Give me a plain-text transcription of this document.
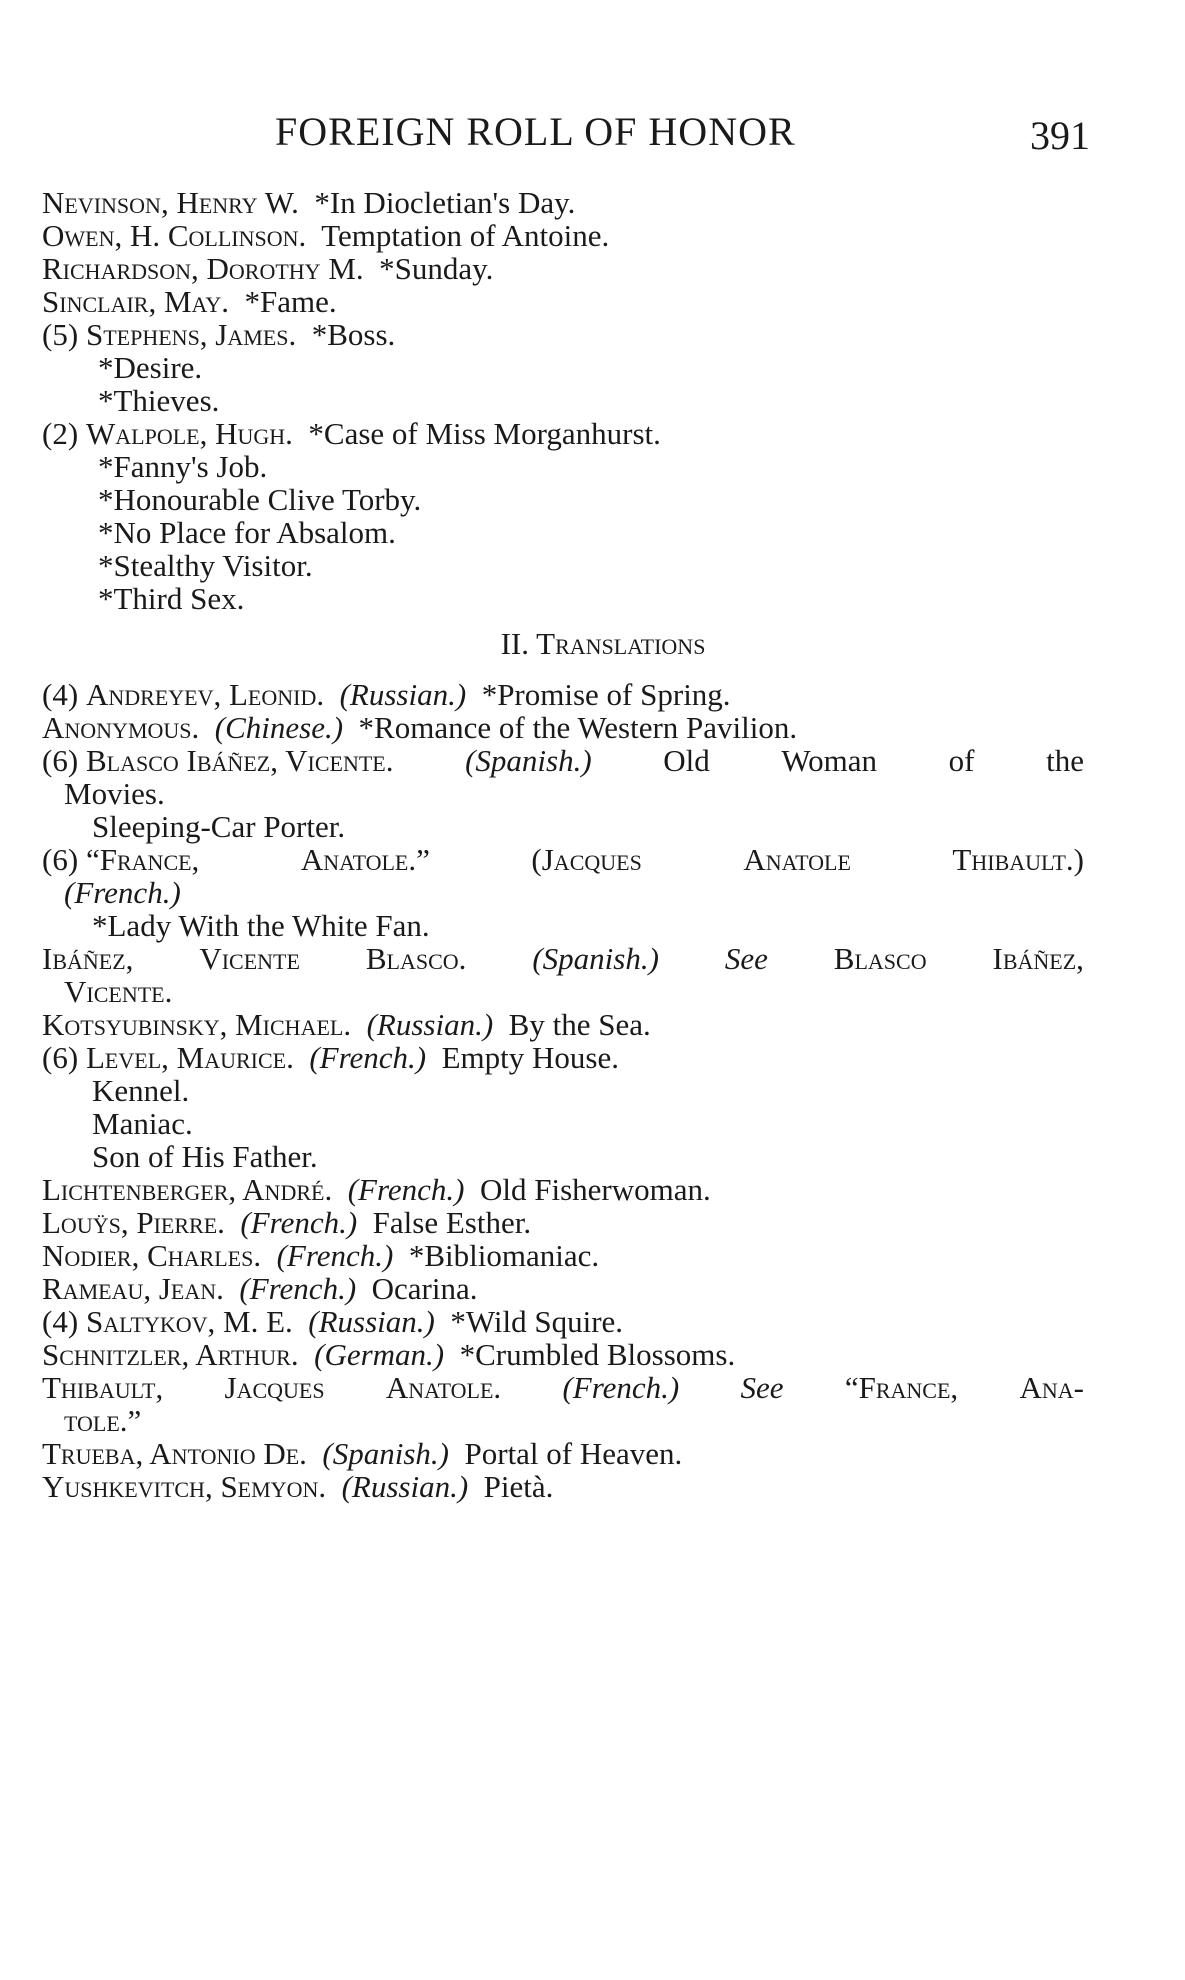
FOREIGN ROLL OF HONOR	391

Nevinson, Henry W. *In Diocletian's Day.

Owen, H. Collinson. Temptation of Antoine.

Richardson, Dorothy M. *Sunday.

Sinclair, May. *Fame.

(5) Stephens, James. *Boss.

*Desire.

*Thieves.

(2) Walpole, Hugh. *Case of Miss Morganhurst.

*Fanny's Job.

*Honourable Clive Torby.

*No Place for Absalom.

*Stealthy Visitor.

*Third Sex.

II. Translations

(4) Andreyev, Leonid. (Russian.) *Promise of Spring.

Anonymous. (Chinese.) *Romance of the Western Pavilion.

(6) Blasco Ibáñez, Vicente. (Spanish.) Old Woman of the

Movies.

Sleeping-Car Porter.

(6) “France,	Anatole.”	(Jacques	Anatole	Thibault.)

(French.)

*Lady With the White Fan.

Ibáñez, Vicente Blasco. (Spanish.) See Blasco Ibáñez,

Vicente.

Kotsyubinsky, Michael. (Russian.) By the Sea.

(6) Level, Maurice. (French.) Empty House.

Kennel.

Maniac.

Son of His Father.

Lichtenberger, André. (French.) Old Fisherwoman.

Louÿs, Pierre. (French.) False Esther.

Nodier, Charles. (French.) *Bibliomaniac.

Rameau, Jean. (French.) Ocarina.

(4) Saltykov, M. E. (Russian.) *Wild Squire.

Schnitzler, Arthur. (German.) *Crumbled Blossoms.

Thibault, Jacques Anatole. (French.) See “France, Ana-

tole.”

Trueba, Antonio De. (Spanish.) Portal of Heaven.

Yushkevitch, Semyon. (Russian.) Pietà.
